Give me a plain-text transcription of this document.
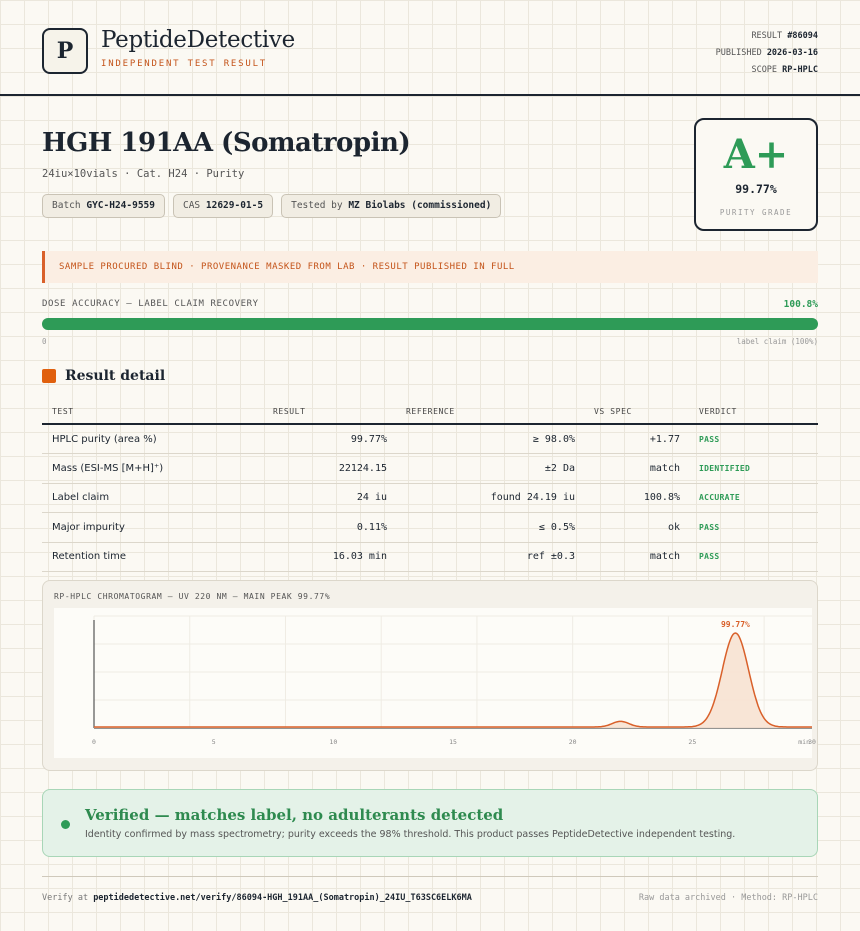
P	PeptideDetective
INDEPENDENT TEST RESULT
RESULT #86094
PUBLISHED 2026-03-16
SCOPE RP-HPLC
HGH 191AA (Somatropin)
24iu×10vials · Cat. H24 · Purity
Batch GYC-H24-9559	CAS 12629-01-5	Tested by MZ Biolabs (commissioned)
A+
99.77%
PURITY GRADE
SAMPLE PROCURED BLIND · PROVENANCE MASKED FROM LAB · RESULT PUBLISHED IN FULL
DOSE ACCURACY — LABEL CLAIM RECOVERY	100.8%
0	label claim (100%)
Result detail
TEST	RESULT	REFERENCE	VS SPEC	VERDICT
HPLC purity (area %)	99.77%	≥ 98.0%	+1.77 PASS
Mass (ESI-MS [M+H]⁺)	22124.15	±2 Da	match IDENTIFIED
Label claim	24 iu	found 24.19 iu	100.8% ACCURATE
Major impurity	0.11%	≤ 0.5%	ok PASS
Retention time	16.03 min	ref ±0.3	match PASS
RP-HPLC CHROMATOGRAM — UV 220 NM — MAIN PEAK 99.77%
99.77%
0	5	10	15	20	25	30
min
Verified — matches label, no adulterants detected
Identity confirmed by mass spectrometry; purity exceeds the 98% threshold. This product passes PeptideDetective independent testing.
Verify at peptidedetective.net/verify/86094-HGH_191AA_(Somatropin)_24IU_T63SC6ELK6MA	Raw data archived · Method: RP-HPLC
